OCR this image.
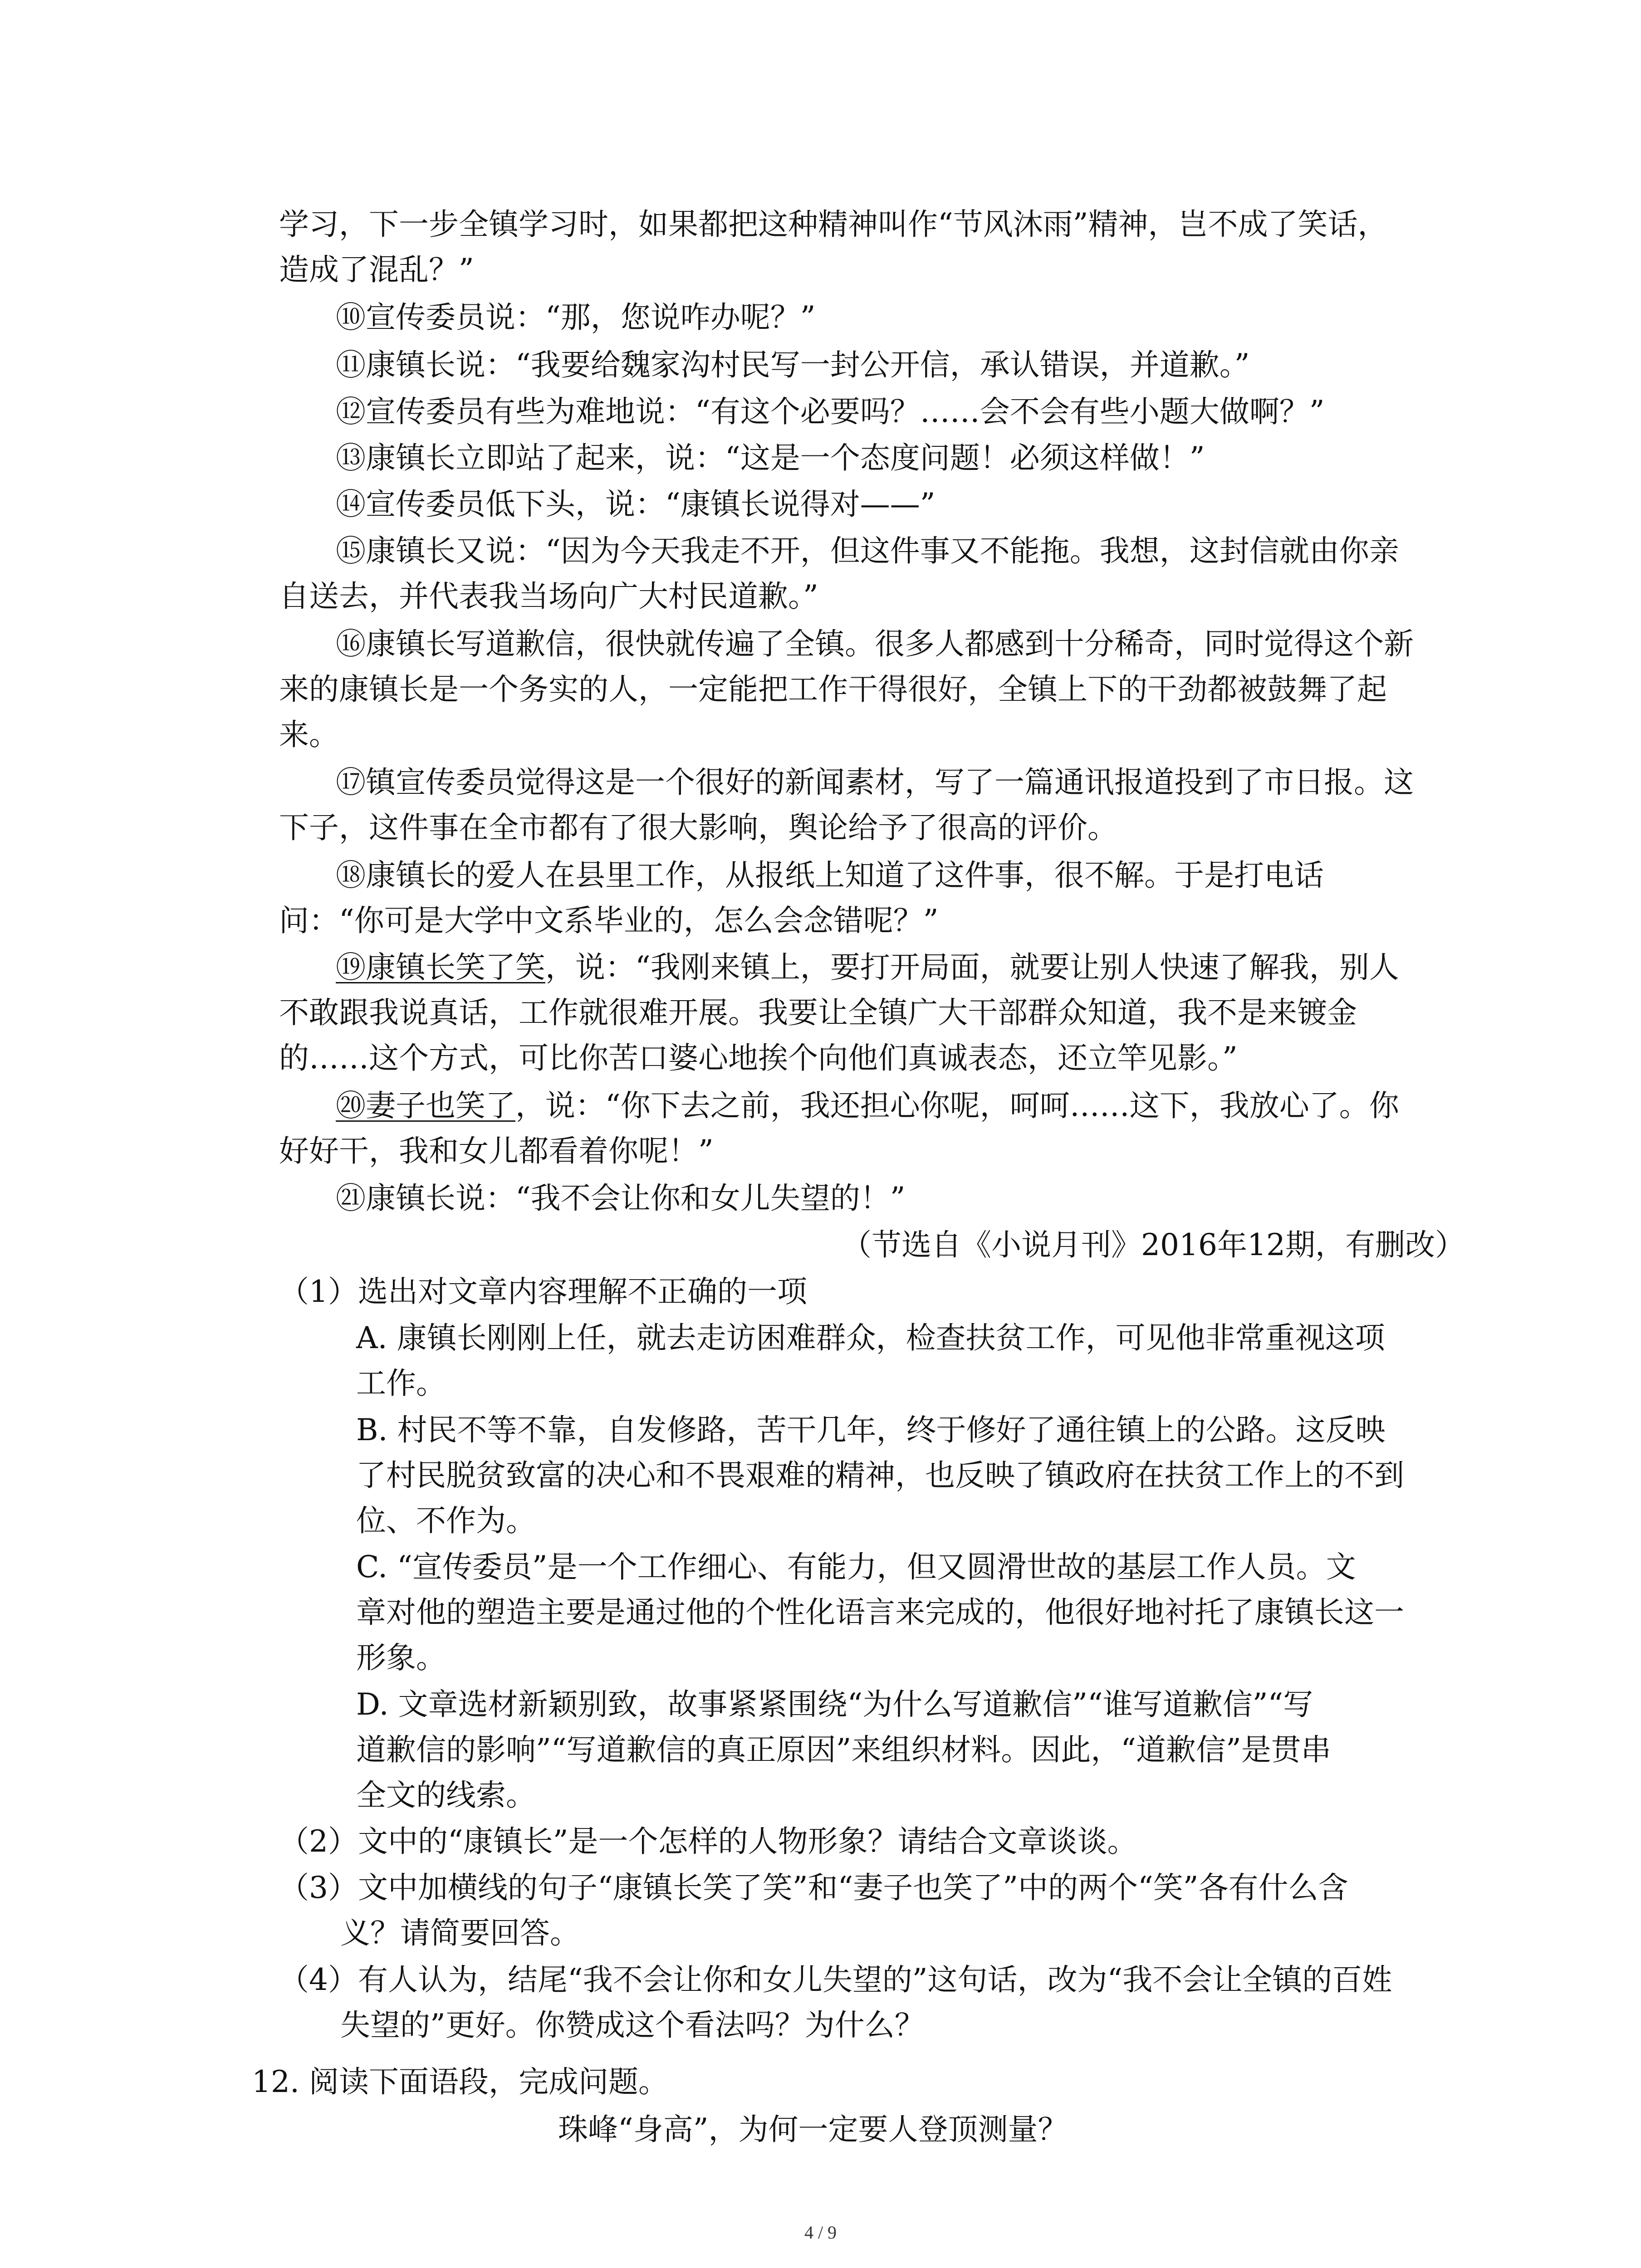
学习，下一步全镇学习时，如果都把这种精神叫作“节风沐雨”精神，岂不成了笑话，
造成了混乱？”
⑩宣传委员说：“那，您说咋办呢？”
⑪康镇长说：“我要给魏家沟村民写一封公开信，承认错误，并道歉。”
⑫宣传委员有些为难地说：“有这个必要吗？……会不会有些小题大做啊？”
⑬康镇长立即站了起来，说：“这是一个态度问题！必须这样做！”
⑭宣传委员低下头，说：“康镇长说得对——”
⑮康镇长又说：“因为今天我走不开，但这件事又不能拖。我想，这封信就由你亲
自送去，并代表我当场向广大村民道歉。”
⑯康镇长写道歉信，很快就传遍了全镇。很多人都感到十分稀奇，同时觉得这个新
来的康镇长是一个务实的人，一定能把工作干得很好，全镇上下的干劲都被鼓舞了起
来。
⑰镇宣传委员觉得这是一个很好的新闻素材，写了一篇通讯报道投到了市日报。这
下子，这件事在全市都有了很大影响，舆论给予了很高的评价。
⑱康镇长的爱人在县里工作，从报纸上知道了这件事，很不解。于是打电话
问：“你可是大学中文系毕业的，怎么会念错呢？”
⑲康镇长笑了笑，说：“我刚来镇上，要打开局面，就要让别人快速了解我，别人
不敢跟我说真话，工作就很难开展。我要让全镇广大干部群众知道，我不是来镀金
的……这个方式，可比你苦口婆心地挨个向他们真诚表态，还立竿见影。”
⑳妻子也笑了，说：“你下去之前，我还担心你呢，呵呵……这下，我放心了。你
好好干，我和女儿都看着你呢！”
㉑康镇长说：“我不会让你和女儿失望的！”
（节选自《小说月刊》2016年12期，有删改）
（1）选出对文章内容理解不正确的一项
A. 康镇长刚刚上任，就去走访困难群众，检查扶贫工作，可见他非常重视这项
工作。
B. 村民不等不靠，自发修路，苦干几年，终于修好了通往镇上的公路。这反映
了村民脱贫致富的决心和不畏艰难的精神，也反映了镇政府在扶贫工作上的不到
位、不作为。
C. “宣传委员”是一个工作细心、有能力，但又圆滑世故的基层工作人员。文
章对他的塑造主要是通过他的个性化语言来完成的，他很好地衬托了康镇长这一
形象。
D. 文章选材新颖别致，故事紧紧围绕“为什么写道歉信”“谁写道歉信”“写
道歉信的影响”“写道歉信的真正原因”来组织材料。因此，“道歉信”是贯串
全文的线索。
（2）文中的“康镇长”是一个怎样的人物形象？请结合文章谈谈。
（3）文中加横线的句子“康镇长笑了笑”和“妻子也笑了”中的两个“笑”各有什么含
义？请简要回答。
（4）有人认为，结尾“我不会让你和女儿失望的”这句话，改为“我不会让全镇的百姓
失望的”更好。你赞成这个看法吗？为什么？
12. 阅读下面语段，完成问题。
珠峰“身高”，为何一定要人登顶测量？
4 / 9
